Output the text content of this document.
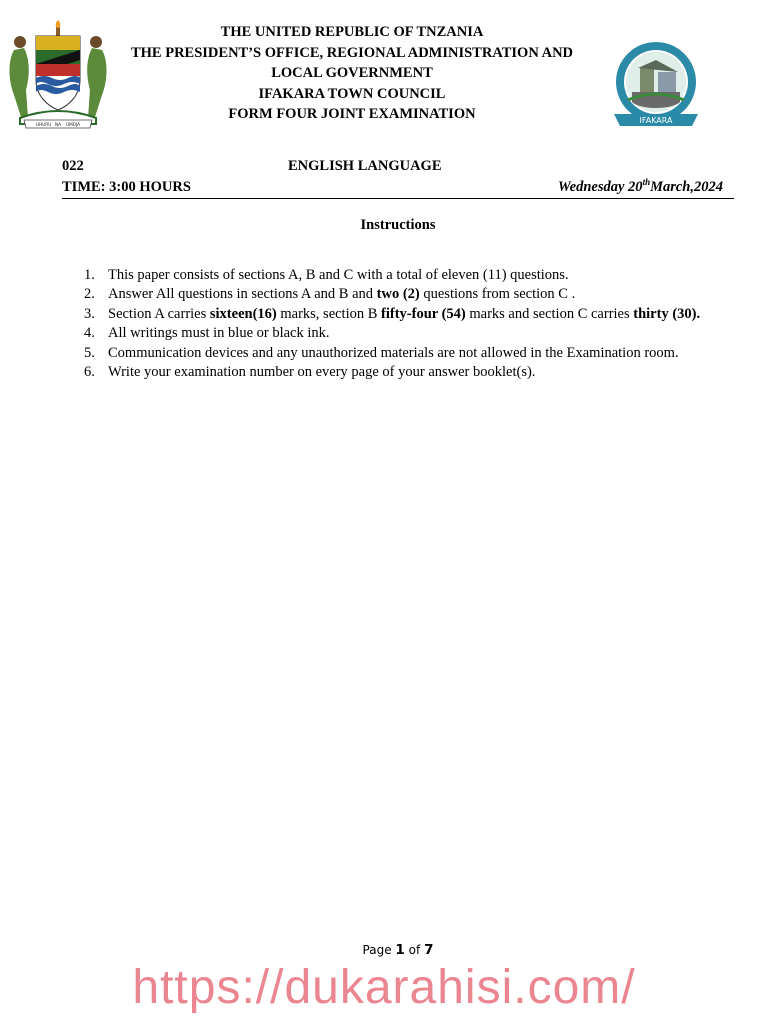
UHURU NA UMOJA
THE UNITED REPUBLIC OF TNZANIA
THE PRESIDENT’S OFFICE, REGIONAL ADMINISTRATION AND
LOCAL GOVERNMENT
IFAKARA TOWN COUNCIL
FORM FOUR JOINT EXAMINATION	IFAKARA
022	ENGLISH LANGUAGE
TIME: 3:00 HOURS	Wednesday 20thMarch,2024
Instructions
1. This paper consists of sections A, B and C with a total of eleven (11) questions.
2. Answer All questions in sections A and B and two (2) questions from section C .
3. Section A carries sixteen(16) marks, section B fifty-four (54) marks and section C carries thirty (30).
4. All writings must in blue or black ink.
5. Communication devices and any unauthorized materials are not allowed in the Examination room.
6. Write your examination number on every page of your answer booklet(s).
Page 1 of 7
https://dukarahisi.com/
